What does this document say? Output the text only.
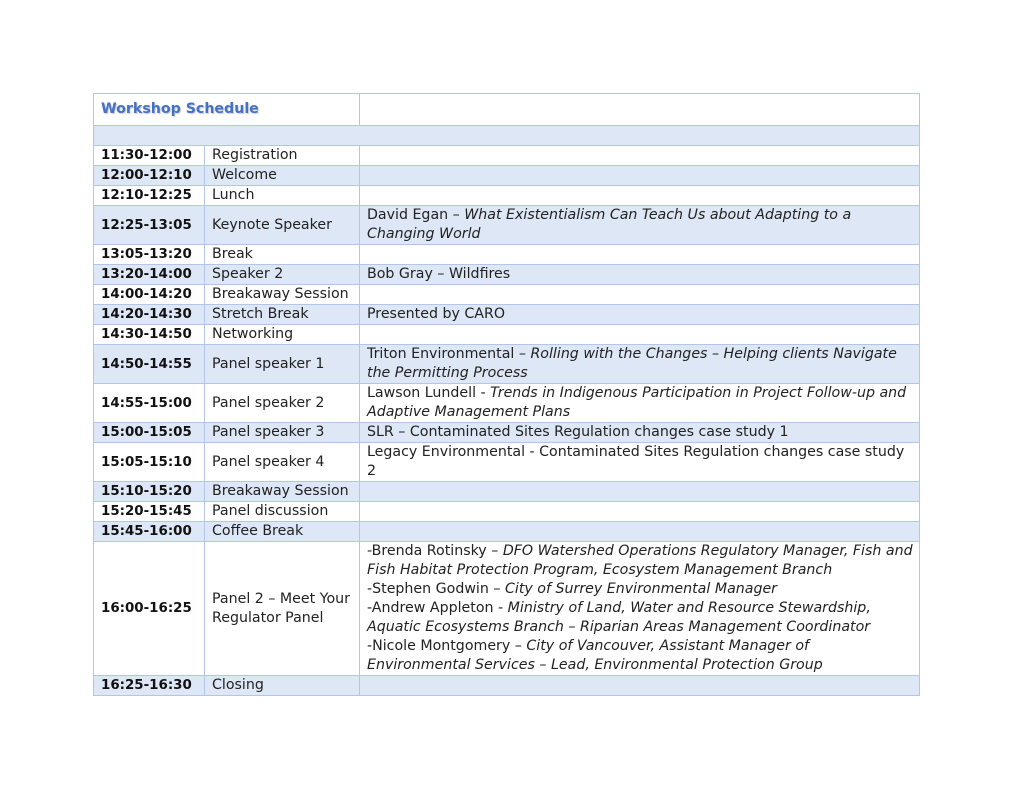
Workshop Schedule		

11:30-12:00	Registration	
12:00-12:10	Welcome	
12:10-12:25	Lunch	
12:25-13:05	Keynote Speaker	David Egan – What Existentialism Can Teach Us about Adapting to a Changing World

13:05-13:20	Break	
13:20-14:00	Speaker 2	Bob Gray – Wildfires

14:00-14:20	Breakaway Session	
14:20-14:30	Stretch Break	Presented by CARO

14:30-14:50	Networking	
14:50-14:55	Panel speaker 1	Triton Environmental – Rolling with the Changes – Helping clients Navigate the Permitting Process

14:55-15:00	Panel speaker 2	Lawson Lundell - Trends in Indigenous Participation in Project Follow-up and Adaptive Management Plans

15:00-15:05	Panel speaker 3	SLR – Contaminated Sites Regulation changes case study 1

15:05-15:10	Panel speaker 4	Legacy Environmental - Contaminated Sites Regulation changes case study 2

15:10-15:20	Breakaway Session	
15:20-15:45	Panel discussion	
15:45-16:00	Coffee Break	
16:00-16:25	Panel 2 – Meet Your Regulator Panel	-Brenda Rotinsky – DFO Watershed Operations Regulatory Manager, Fish and Fish Habitat Protection Program, Ecosystem Management Branch
-Stephen Godwin – City of Surrey Environmental Manager
-Andrew Appleton - Ministry of Land, Water and Resource Stewardship, Aquatic Ecosystems Branch – Riparian Areas Management Coordinator
-Nicole Montgomery – City of Vancouver, Assistant Manager of Environmental Services – Lead, Environmental Protection Group

16:25-16:30	Closing	
